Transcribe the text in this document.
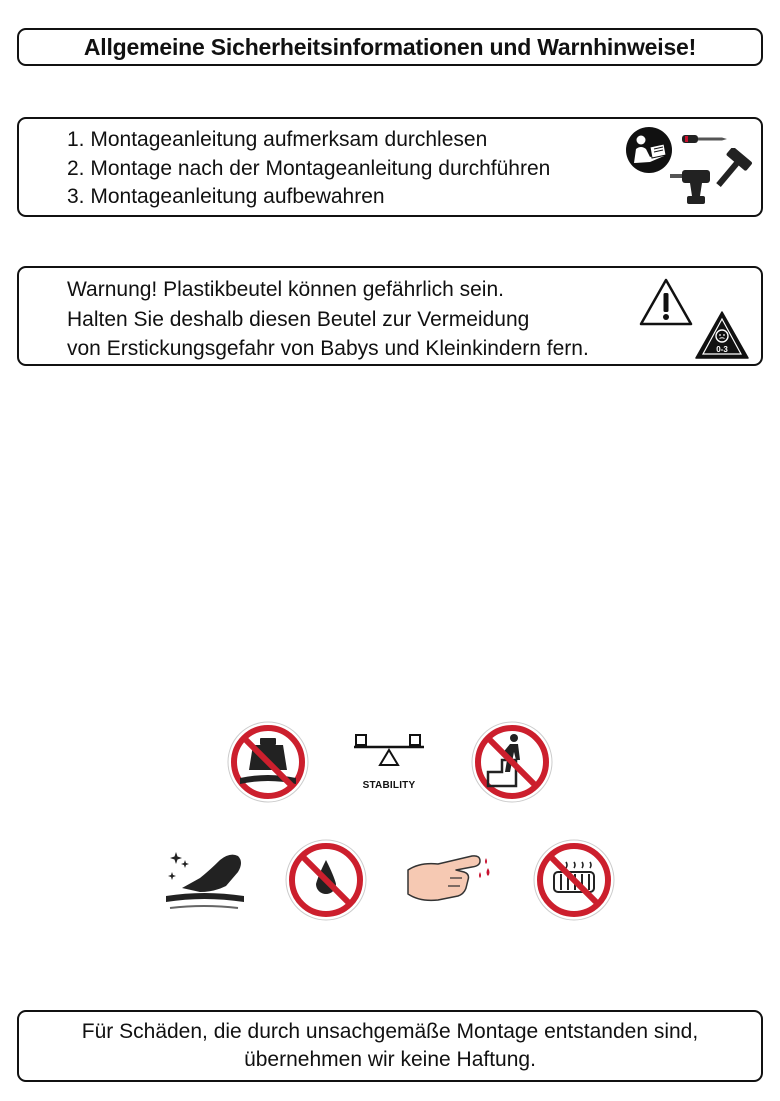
Allgemeine Sicherheitsinformationen und Warnhinweise!
1. Montageanleitung aufmerksam durchlesen
2. Montage nach der Montageanleitung durchführen
3. Montageanleitung aufbewahren
Warnung! Plastikbeutel können gefährlich sein.
Halten Sie deshalb diesen Beutel zur Vermeidung
von Erstickungsgefahr von Babys und Kleinkindern fern.	0-3
STABILITY
Für Schäden, die durch unsachgemäße Montage entstanden sind,
übernehmen wir keine Haftung.
